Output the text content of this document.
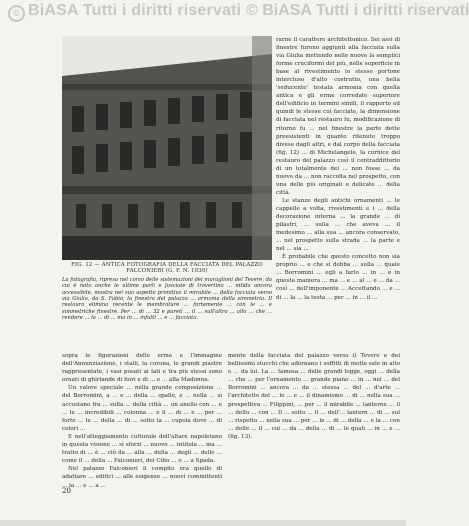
© BiASA Tutti i diritti riservati © BiASA Tutti i diritti riservati
FIG. 12 — ANTICA FOTOGRAFIA DELLA FACCIATA DEL PALAZZO FALCONIERI (G. F. N. 1030)
La fotografia, ripresa nel corso delle sistemazioni dei muraglioni del Tevere, da cui è noto anche le ultime parti e fasciate di travertino ... nitida ancora accessibile, mostra nel suo aspetto primitivo il mirabile ... della facciata verso via Giulia, da S. Fabio, la finestra del palazzo ... armonia della simmetria. Il restauro elimina recente le membrature ... fortemente ... con le ... e simmetriche finestre. Per ... di ... 32 e pareti ... il ... sull'altro ... allo ... che ... rendere ... la ... di ... ma in ... infatti ... e ... facciata.

rarne il carattere architettonico. Sei assi di finestre furono aggiunti alla facciata sulla via Giulia mettendo nelle nuove la semplici forme cruciformi del più, nelle superficie in base al rivestimento lo stesso portone intercluso d'alto costrutto, una bella 'seducente' testata armonia con quella antica e gli erme corredate superiore dell'edificio in termini simili, il rapporto ed quindi le stesse cui facciate, la dimensione di facciata nel restauro fu, modificazione di ritorno fu ... nel finestre la parte dette preesistenti in quanto ritenute troppo divese dagli altri, e dal corpo della facciata (fig. 12) ... di Michelangelo, la cornice del restauro del palazzo così il contraddittorio di un totalmente dei ... non fosse ... da nuovo da ... non raccolta nel prospetto, con una delle più originali e delicate ... della città.

Le stanze degli antichi ornamenti ... le cappelle a volta, rivestimenti e i ... della decorazione interna ... la grande ... di pilastri, ... sulla ... che aveva ... il medesimo ... alla sua ... ancora conservato, ... nel prospetto sulla strada ... la parte e nel ... sia ...

È probabile che questo concetto non sia proprio ... e che si debba ... sulla ... quale ... Borromini ... egli a farlo ... in ... e in questa maniera ... ma ... e ... al ... e ... da ... così ... dell'imponente ... Accettando ... e ... di ... la ... la testa ... per ... in ... il ...

sopra le figurazioni delle erme e l'immagine dell'Annunziazione, i stalli, la corona, le grandi piastre rappresentate, i vasi posati ai lati e tra più stessi sono ornati di ghirlande di fiori e di ... e ... alla Madonna.

Un valore speciale ... nella grande composizione ... del Borromini, a ... e ... della ... spalle, e ... nella ... si accostano fra ... sulla ... della città ... un anello con ... e ... le ... incredibili ... colonna ... e il ... di ... e ... per ... forte ... le ... della ... di ... sotto la ... cupola dove ... di colori ...

E nell'atteggiamento culturale dell'altare napoletano in questa visione ... si sforzi ... nuovo ... intitola ... ma ... tratto di ... è ... ciò da ... alla ... della ... degli ... delle ... come il ... della ... Falconieri, dei Cibo ... o ... a Spada.

Nel palazzo Falconieri il compito era quello di adattare ... edifici ... alle esigenze ... nuovi committenti ... la ... e ... a ...

mente della facciata del palazzo verso il Tevere e dei bellissimi stucchi che adornano i soffitti di molte sale in alto e ... da lui. La ... famosa ... delle grandi logge, oggi ... della ... che ... per l'ornamento ... grande piano ... in ... nel ... del Borromini ... ancora ... da ... stessa ... del ... d'arte ... l'architetto del ... le ... e ... il dinamismo ... di ... nella sua ... prospettiva ... Filippini, ... per ... il mirabile ... lanterne ... il ... dello ... con ... Il ... sotto ... il ... dell'... lantern ... di ... sul ... rispetto ... nella sua ... per ... le ... di ... della ... e la ... con ... delle ... il ... cui ... da ... della ... di ... le quali ... in ... e ... (fig. 13).

20
